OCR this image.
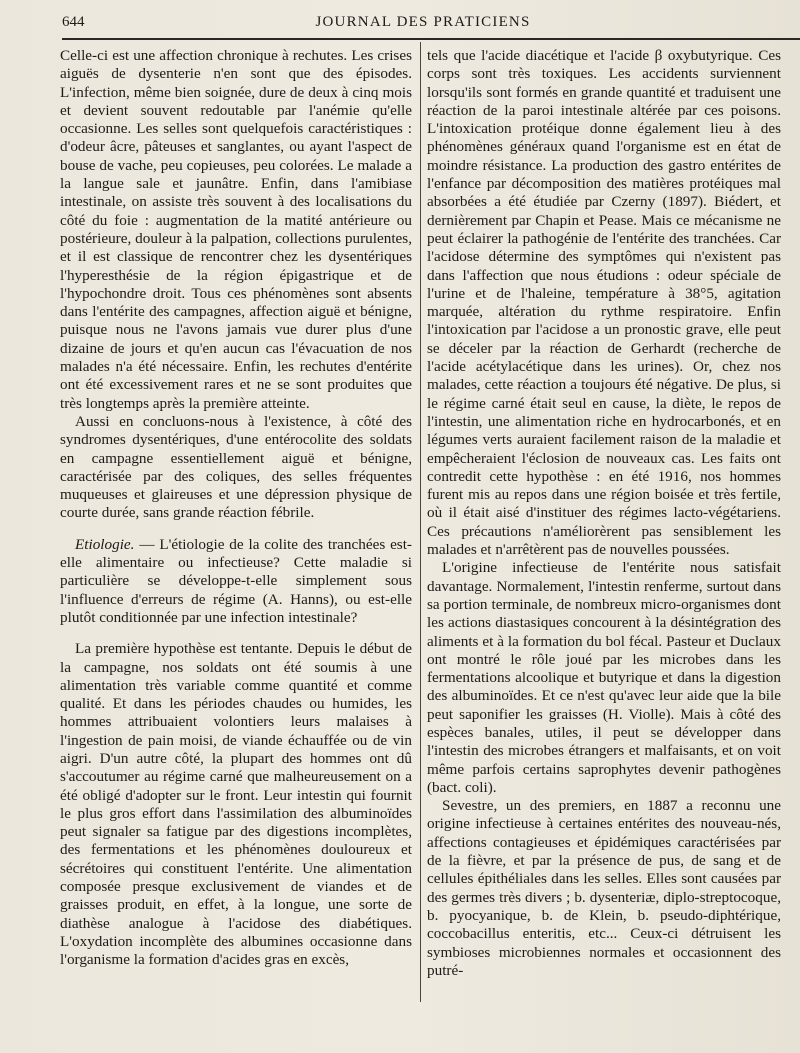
644	JOURNAL DES PRATICIENS

Celle-ci est une affection chronique à rechutes. Les crises aiguës de dysenterie n'en sont que des épisodes. L'infection, même bien soignée, dure de deux à cinq mois et devient souvent redoutable par l'anémie qu'elle occasionne. Les selles sont quelquefois caractéristiques : d'odeur âcre, pâteuses et sanglantes, ou ayant l'aspect de bouse de vache, peu copieuses, peu colorées. Le malade a la langue sale et jaunâtre. Enfin, dans l'amibiase intestinale, on assiste très souvent à des localisations du côté du foie : augmentation de la matité antérieure ou postérieure, douleur à la palpation, collections purulentes, et il est classique de rencontrer chez les dysentériques l'hyperesthésie de la région épigastrique et de l'hypochondre droit. Tous ces phénomènes sont absents dans l'entérite des campagnes, affection aiguë et bénigne, puisque nous ne l'avons jamais vue durer plus d'une dizaine de jours et qu'en aucun cas l'évacuation de nos malades n'a été nécessaire. Enfin, les rechutes d'entérite ont été excessivement rares et ne se sont produites que très longtemps après la première atteinte.

Aussi en concluons-nous à l'existence, à côté des syndromes dysentériques, d'une entérocolite des soldats en campagne essentiellement aiguë et bénigne, caractérisée par des coliques, des selles fréquentes muqueuses et glaireuses et une dépression physique de courte durée, sans grande réaction fébrile.

Etiologie. — L'étiologie de la colite des tranchées est-elle alimentaire ou infectieuse? Cette maladie si particulière se développe-t-elle simplement sous l'influence d'erreurs de régime (A. Hanns), ou est-elle plutôt conditionnée par une infection intestinale?

La première hypothèse est tentante. Depuis le début de la campagne, nos soldats ont été soumis à une alimentation très variable comme quantité et comme qualité. Et dans les périodes chaudes ou humides, les hommes attribuaient volontiers leurs malaises à l'ingestion de pain moisi, de viande échauffée ou de vin aigri. D'un autre côté, la plupart des hommes ont dû s'accoutumer au régime carné que malheureusement on a été obligé d'adopter sur le front. Leur intestin qui fournit le plus gros effort dans l'assimilation des albuminoïdes peut signaler sa fatigue par des digestions incomplètes, des fermentations et les phénomènes douloureux et sécrétoires qui constituent l'entérite. Une alimentation composée presque exclusivement de viandes et de graisses produit, en effet, à la longue, une sorte de diathèse analogue à l'acidose des diabétiques. L'oxydation incomplète des albumines occasionne dans l'organisme la formation d'acides gras en excès,

tels que l'acide diacétique et l'acide β oxybutyrique. Ces corps sont très toxiques. Les accidents surviennent lorsqu'ils sont formés en grande quantité et traduisent une réaction de la paroi intestinale altérée par ces poisons. L'intoxication protéique donne également lieu à des phénomènes généraux quand l'organisme est en état de moindre résistance. La production des gastro entérites de l'enfance par décomposition des matières protéiques mal absorbées a été étudiée par Czerny (1897). Biédert, et dernièrement par Chapin et Pease. Mais ce mécanisme ne peut éclairer la pathogénie de l'entérite des tranchées. Car l'acidose détermine des symptômes qui n'existent pas dans l'affection que nous étudions : odeur spéciale de l'urine et de l'haleine, température à 38°5, agitation marquée, altération du rythme respiratoire. Enfin l'intoxication par l'acidose a un pronostic grave, elle peut se déceler par la réaction de Gerhardt (recherche de l'acide acétylacétique dans les urines). Or, chez nos malades, cette réaction a toujours été négative. De plus, si le régime carné était seul en cause, la diète, le repos de l'intestin, une alimentation riche en hydrocarbonés, et en légumes verts auraient facilement raison de la maladie et empêcheraient l'éclosion de nouveaux cas. Les faits ont contredit cette hypothèse : en été 1916, nos hommes furent mis au repos dans une région boisée et très fertile, où il était aisé d'instituer des régimes lacto-végétariens. Ces précautions n'améliorèrent pas sensiblement les malades et n'arrêtèrent pas de nouvelles poussées.

L'origine infectieuse de l'entérite nous satisfait davantage. Normalement, l'intestin renferme, surtout dans sa portion terminale, de nombreux micro-organismes dont les actions diastasiques concourent à la désintégration des aliments et à la formation du bol fécal. Pasteur et Duclaux ont montré le rôle joué par les microbes dans les fermentations alcoolique et butyrique et dans la digestion des albuminoïdes. Et ce n'est qu'avec leur aide que la bile peut saponifier les graisses (H. Violle). Mais à côté des espèces banales, utiles, il peut se développer dans l'intestin des microbes étrangers et malfaisants, et on voit même parfois certains saprophytes devenir pathogènes (bact. coli).

Sevestre, un des premiers, en 1887 a reconnu une origine infectieuse à certaines entérites des nouveau-nés, affections contagieuses et épidémiques caractérisées par de la fièvre, et par la présence de pus, de sang et de cellules épithéliales dans les selles. Elles sont causées par des germes très divers ; b. dysenteriæ, diplo-streptocoque, b. pyocyanique, b. de Klein, b. pseudo-diphtérique, coccobacillus enteritis, etc... Ceux-ci détruisent les symbioses microbiennes normales et occasionnent des putré-
